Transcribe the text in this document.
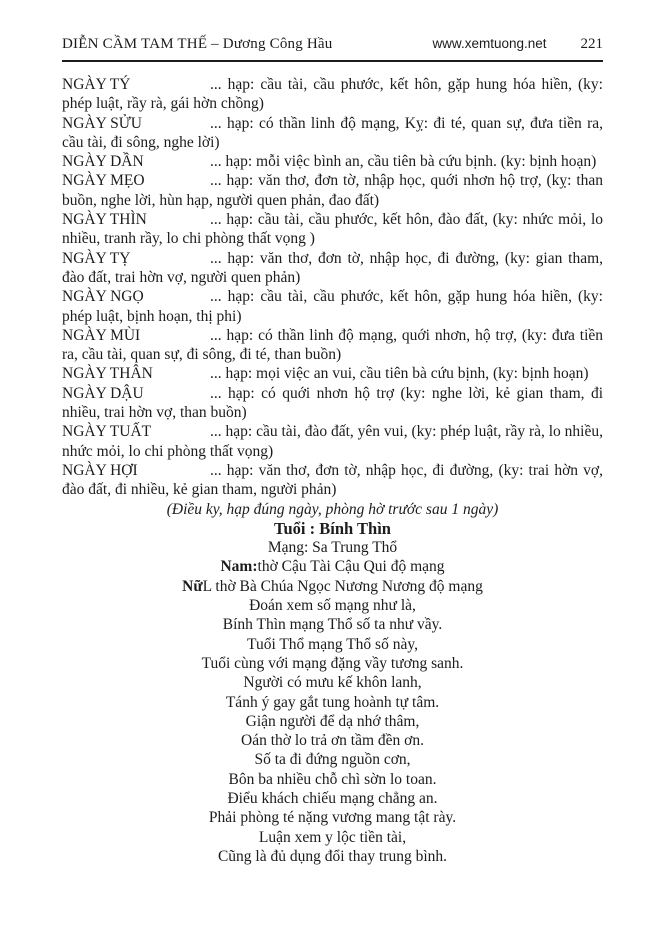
DIỄN CẦM TAM THẾ – Dương Công Hầu	www.xemtuong.net 221

NGÀY TÝ	... hạp: cầu tài, cầu phước, kết hôn, gặp hung hóa hiền, (ky: phép luật, rầy rà, gái hờn chồng)

NGÀY SỬU	... hạp: có thần linh độ mạng, Kỵ: đi té, quan sự, đưa tiền ra, cầu tài, đi sông, nghe lời)

NGÀY DẦN	... hạp: mỗi việc bình an, cầu tiên bà cứu bịnh. (ky: bịnh hoạn)

NGÀY MẸO	... hạp: văn thơ, đơn tờ, nhập học, quới nhơn hộ trợ, (kỵ: than buồn, nghe lời, hùn hạp, người quen phản, đao đất)

NGÀY THÌN	... hạp: cầu tài, cầu phước, kết hôn, đào đất, (ky: nhức mỏi, lo nhiều, tranh rầy, lo chi phòng thất vọng )

NGÀY TỴ	... hạp: văn thơ, đơn tờ, nhập học, đi đường, (ky: gian tham, đào đất, trai hờn vợ, người quen phản)

NGÀY NGỌ	... hạp: cầu tài, cầu phước, kết hôn, gặp hung hóa hiền, (ky: phép luật, bịnh hoạn, thị phi)

NGÀY MÙI	... hạp: có thần linh độ mạng, quới nhơn, hộ trợ, (ky: đưa tiền ra, cầu tài, quan sự, đi sông, đi té, than buồn)

NGÀY THÂN	... hạp: mọi việc an vui, cầu tiên bà cứu bịnh, (ky: bịnh hoạn)

NGÀY DẬU	... hạp: có quới nhơn hộ trợ (ky: nghe lời, kẻ gian tham, đi nhiều, trai hờn vợ, than buồn)

NGÀY TUẤT	... hạp: cầu tài, đào đất, yên vui, (ky: phép luật, rầy rà, lo nhiều, nhức mỏi, lo chi phòng thất vọng)

NGÀY HỢI	... hạp: văn thơ, đơn tờ, nhập học, đi đường, (ky: trai hờn vợ, đào đất, đi nhiều, kẻ gian tham, người phản)

(Điều ky, hạp đúng ngày, phòng hờ trước sau 1 ngày)

Tuổi : Bính Thìn

Mạng: Sa Trung Thổ

Nam:thờ Cậu Tài Cậu Qui độ mạng

NữL thờ Bà Chúa Ngọc Nương Nương độ mạng

Đoán xem số mạng như là,

Bính Thìn mạng Thổ số ta như vầy.

Tuổi Thổ mạng Thổ số này,

Tuổi cùng với mạng đặng vầy tương sanh.

Người có mưu kế khôn lanh,

Tánh ý gay gắt tung hoành tự tâm.

Giận người để dạ nhớ thâm,

Oán thờ lo trả ơn tầm đền ơn.

Số ta đi đứng nguồn cơn,

Bôn ba nhiều chỗ chì sờn lo toan.

Điểu khách chiếu mạng chẳng an.

Phải phòng té nặng vương mang tật rày.

Luận xem y lộc tiền tài,

Cũng là đủ dụng đổi thay trung bình.
